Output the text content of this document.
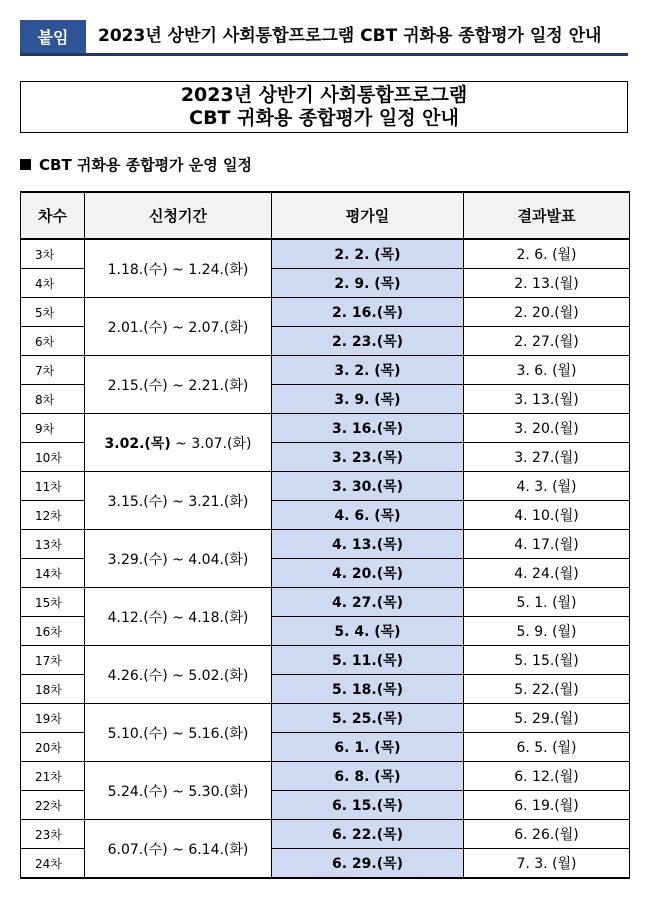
붙임	2023년 상반기 사회통합프로그램 CBT 귀화용 종합평가 일정 안내
2023년 상반기 사회통합프로그램
CBT 귀화용 종합평가 일정 안내
CBT 귀화용 종합평가 운영 일정
차수	신청기간	평가일	결과발표
3차	1.18.(수) ~ 1.24.(화)	2. 2. (목)	2. 6. (월)
4차		2. 9. (목)	2. 13.(월)
5차	2.01.(수) ~ 2.07.(화)	2. 16.(목)	2. 20.(월)
6차		2. 23.(목)	2. 27.(월)
7차	2.15.(수) ~ 2.21.(화)	3. 2. (목)	3. 6. (월)
8차		3. 9. (목)	3. 13.(월)
9차	3.02.(목) ~ 3.07.(화)	3. 16.(목)	3. 20.(월)
10차		3. 23.(목)	3. 27.(월)
11차	3.15.(수) ~ 3.21.(화)	3. 30.(목)	4. 3. (월)
12차		4. 6. (목)	4. 10.(월)
13차	3.29.(수) ~ 4.04.(화)	4. 13.(목)	4. 17.(월)
14차		4. 20.(목)	4. 24.(월)
15차	4.12.(수) ~ 4.18.(화)	4. 27.(목)	5. 1. (월)
16차		5. 4. (목)	5. 9. (월)
17차	4.26.(수) ~ 5.02.(화)	5. 11.(목)	5. 15.(월)
18차		5. 18.(목)	5. 22.(월)
19차	5.10.(수) ~ 5.16.(화)	5. 25.(목)	5. 29.(월)
20차		6. 1. (목)	6. 5. (월)
21차	5.24.(수) ~ 5.30.(화)	6. 8. (목)	6. 12.(월)
22차		6. 15.(목)	6. 19.(월)
23차	6.07.(수) ~ 6.14.(화)	6. 22.(목)	6. 26.(월)
24차		6. 29.(목)	7. 3. (월)
